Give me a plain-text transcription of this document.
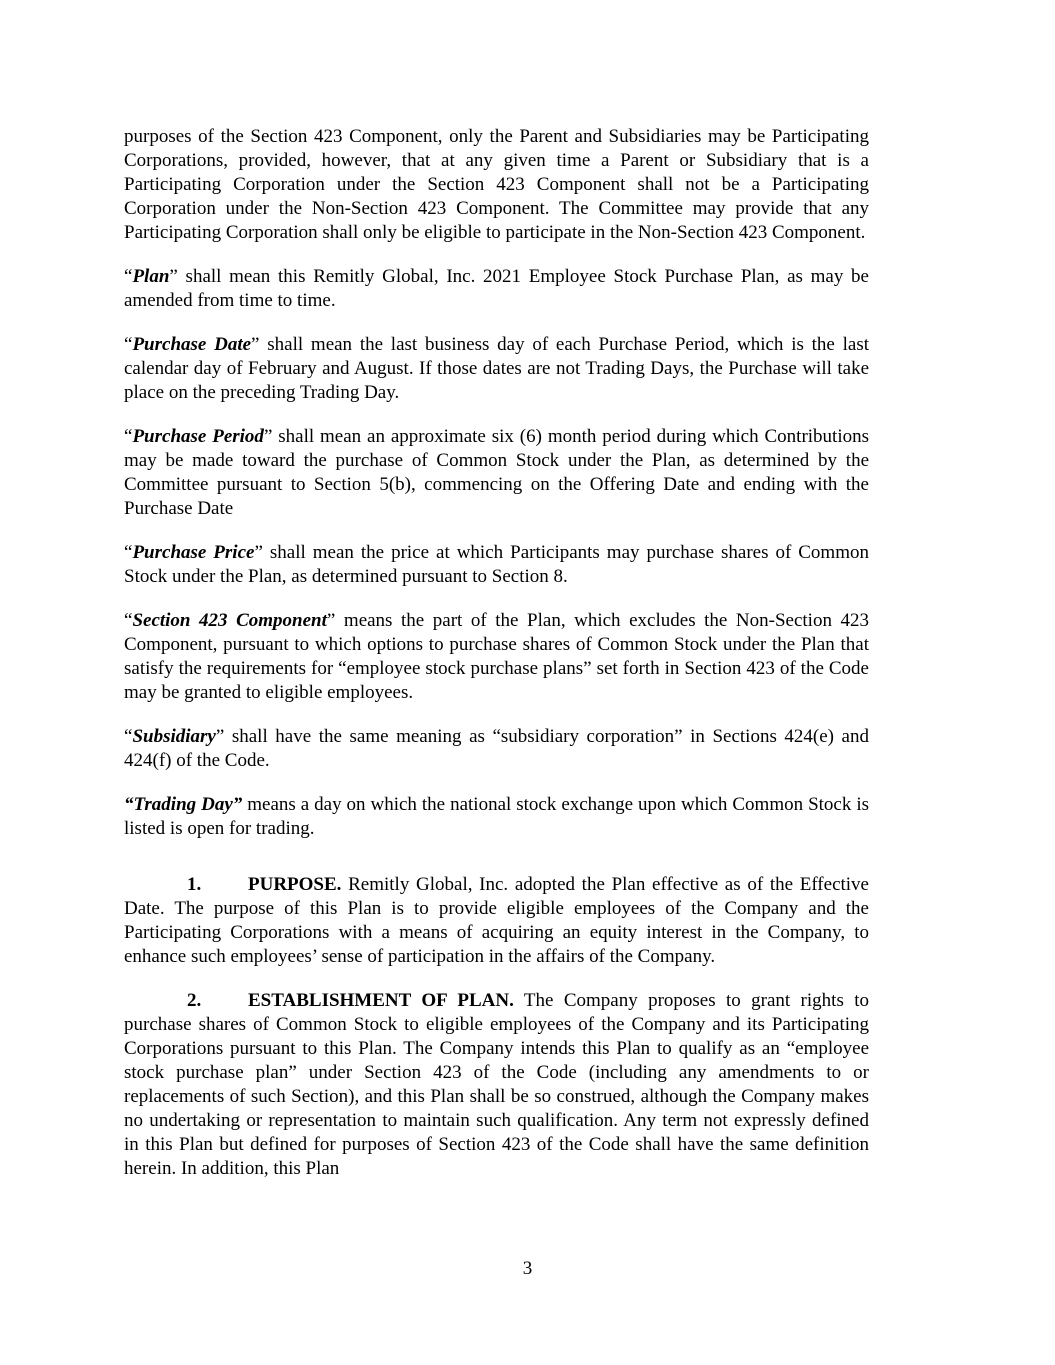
purposes of the Section 423 Component, only the Parent and Subsidiaries may be Participating Corporations, provided, however, that at any given time a Parent or Subsidiary that is a Participating Corporation under the Section 423 Component shall not be a Participating Corporation under the Non-Section 423 Component. The Committee may provide that any Participating Corporation shall only be eligible to participate in the Non-Section 423 Component.

“Plan” shall mean this Remitly Global, Inc. 2021 Employee Stock Purchase Plan, as may be amended from time to time.

“Purchase Date” shall mean the last business day of each Purchase Period, which is the last calendar day of February and August. If those dates are not Trading Days, the Purchase will take place on the preceding Trading Day.

“Purchase Period” shall mean an approximate six (6) month period during which Contributions may be made toward the purchase of Common Stock under the Plan, as determined by the Committee pursuant to Section 5(b), commencing on the Offering Date and ending with the Purchase Date

“Purchase Price” shall mean the price at which Participants may purchase shares of Common Stock under the Plan, as determined pursuant to Section 8.

“Section 423 Component” means the part of the Plan, which excludes the Non-Section 423 Component, pursuant to which options to purchase shares of Common Stock under the Plan that satisfy the requirements for “employee stock purchase plans” set forth in Section 423 of the Code may be granted to eligible employees.

“Subsidiary” shall have the same meaning as “subsidiary corporation” in Sections 424(e) and 424(f) of the Code.

“Trading Day” means a day on which the national stock exchange upon which Common Stock is listed is open for trading.

1. PURPOSE. Remitly Global, Inc. adopted the Plan effective as of the Effective Date. The purpose of this Plan is to provide eligible employees of the Company and the Participating Corporations with a means of acquiring an equity interest in the Company, to enhance such employees’ sense of participation in the affairs of the Company.

2. ESTABLISHMENT OF PLAN. The Company proposes to grant rights to purchase shares of Common Stock to eligible employees of the Company and its Participating Corporations pursuant to this Plan. The Company intends this Plan to qualify as an “employee stock purchase plan” under Section 423 of the Code (including any amendments to or replacements of such Section), and this Plan shall be so construed, although the Company makes no undertaking or representation to maintain such qualification. Any term not expressly defined in this Plan but defined for purposes of Section 423 of the Code shall have the same definition herein. In addition, this Plan

3
